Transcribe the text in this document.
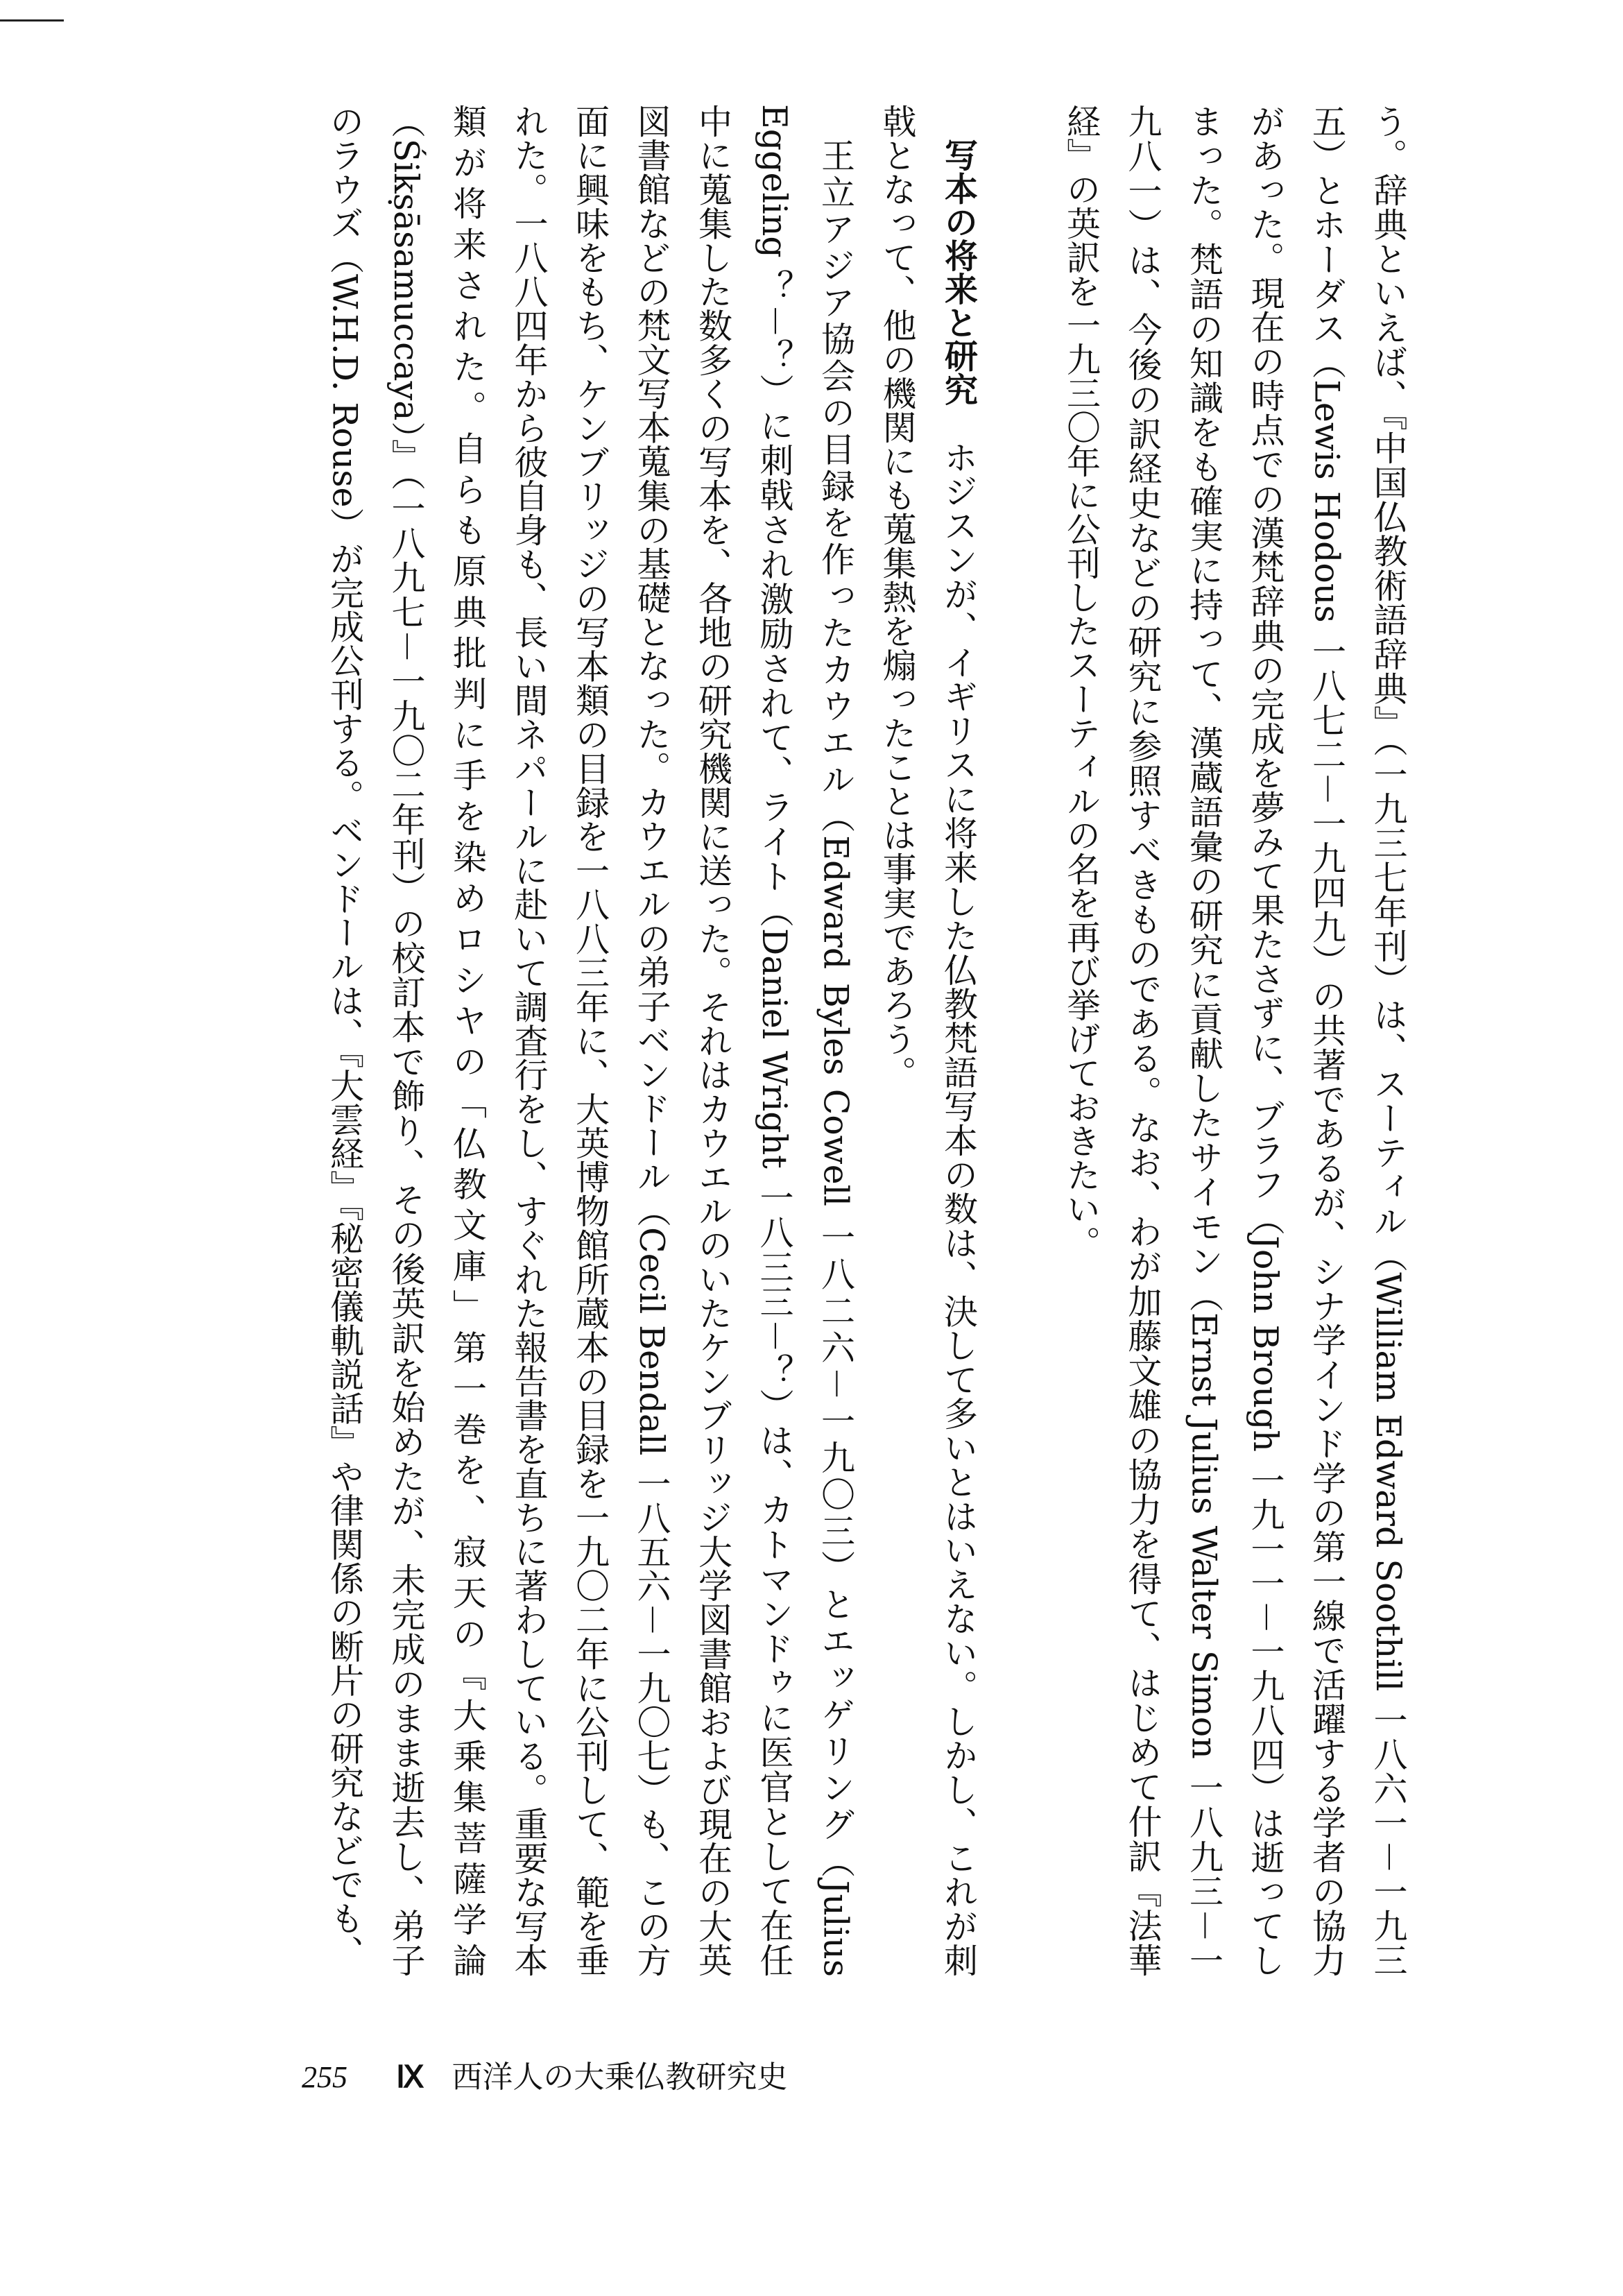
う。辞典といえば、『中国仏教術語辞典』（一九三七年刊）は、スーティル（William Edward Soothill 一八六一－一九三五）とホーダス（Lewis Hodous 一八七二－一九四九）の共著であるが、シナ学インド学の第一線で活躍する学者の協力があった。現在の時点での漢梵辞典の完成を夢みて果たさずに、ブラフ（John Brough 一九一一－一九八四）は逝ってしまった。梵語の知識をも確実に持って、漢蔵語彙の研究に貢献したサイモン（Ernst Julius Walter Simon 一八九三－一九八一）は、今後の訳経史などの研究に参照すべきものである。なお、わが加藤文雄の協力を得て、はじめて什訳『法華経』の英訳を一九三〇年に公刊したスーティルの名を再び挙げておきたい。

写本の将来と研究　ホジスンが、イギリスに将来した仏教梵語写本の数は、決して多いとはいえない。しかし、これが刺戟となって、他の機関にも蒐集熱を煽ったことは事実であろう。

王立アジア協会の目録を作ったカウエル（Edward Byles Cowell 一八二六－一九〇三）とエッゲリング（Julius Eggeling ？－？）に刺戟され激励されて、ライト（Daniel Wright 一八三三－？）は、カトマンドゥに医官として在任中に蒐集した数多くの写本を、各地の研究機関に送った。それはカウエルのいたケンブリッジ大学図書館および現在の大英図書館などの梵文写本蒐集の基礎となった。カウエルの弟子ベンドール（Cecil Bendall 一八五六－一九〇七）も、この方面に興味をもち、ケンブリッジの写本類の目録を一八八三年に、大英博物館所蔵本の目録を一九〇二年に公刊して、範を垂れた。一八八四年から彼自身も、長い間ネパールに赴いて調査行をし、すぐれた報告書を直ちに著わしている。重要な写本類が将来された。自らも原典批判に手を染めロシヤの「仏教文庫」第一巻を、寂天の『大乗集菩薩学論（Śikṣāsamuccaya）』（一八九七－一九〇二年刊）の校訂本で飾り、その後英訳を始めたが、未完成のまま逝去し、弟子のラウズ（W.H.D. Rouse）が完成公刊する。ベンドールは、『大雲経』『秘密儀軌説話』や律関係の断片の研究などでも、

255 Ⅸ 西洋人の大乗仏教研究史
